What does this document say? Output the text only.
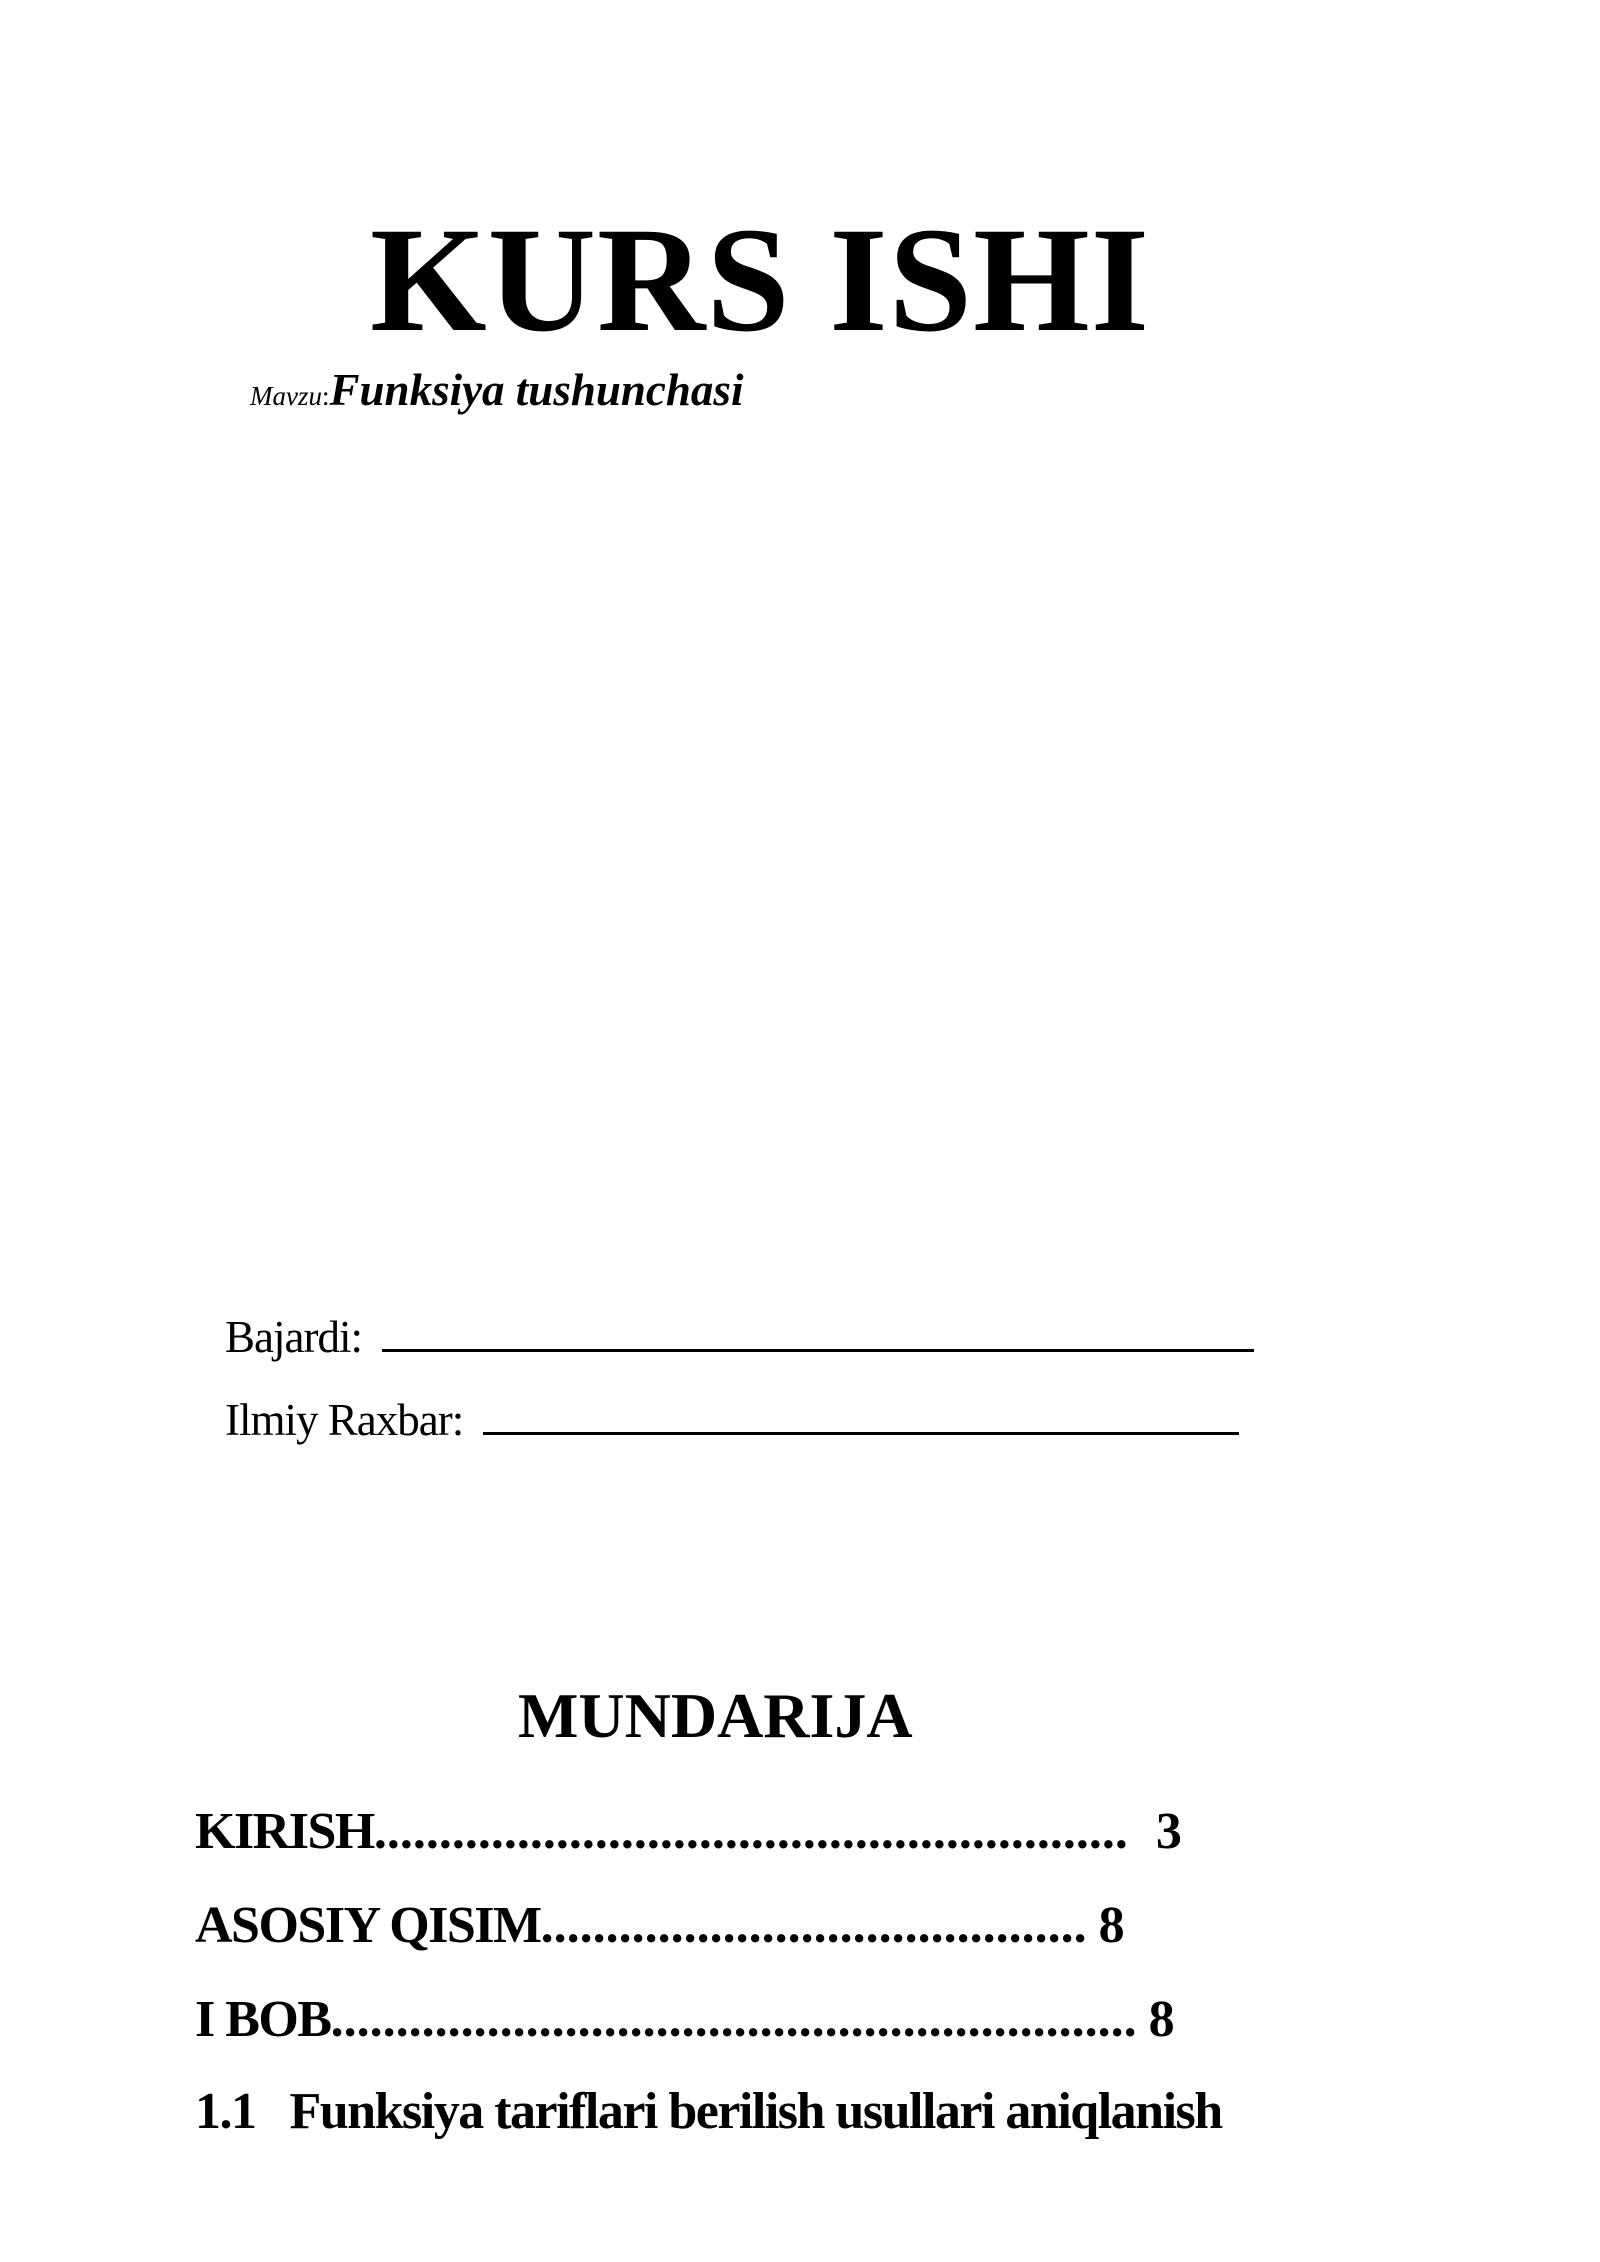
KURS ISHI
Mavzu:Funksiya tushunchasi
Bajardi:
Ilmiy Raxbar:
MUNDARIJA
KIRISH.......................................................... 3
ASOSIY QISIM.......................................... 8
I BOB.............................................................. 8
1.1 Funksiya tariflari berilish usullari aniqlanish
